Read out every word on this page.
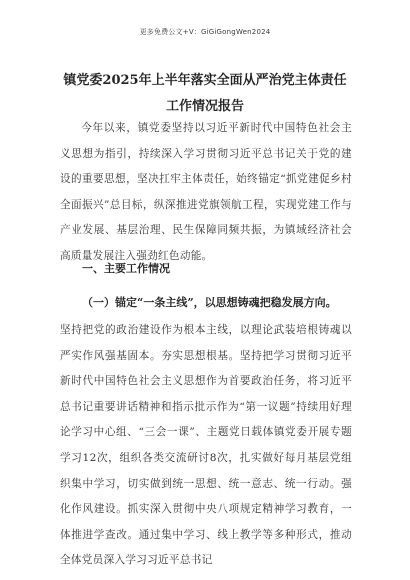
更多免费公文+V：GiGiGongWen2024
镇党委2025年上半年落实全面从严治党主体责任工作情况报告
今年以来，镇党委坚持以习近平新时代中国特色社会主义思想为指引，持续深入学习贯彻习近平总书记关于党的建设的重要思想，坚决扛牢主体责任，始终锚定“抓党建促乡村全面振兴”总目标，纵深推进党旗领航工程，实现党建工作与产业发展、基层治理、民生保障同频共振，为镇域经济社会高质量发展注入强劲红色动能。
一、主要工作情况
（一）锚定“一条主线”，以思想铸魂把稳发展方向。
坚持把党的政治建设作为根本主线，以理论武装培根铸魂以严实作风强基固本。夯实思想根基。坚持把学习贯彻习近平新时代中国特色社会主义思想作为首要政治任务，将习近平总书记重要讲话精神和指示批示作为“第一议题”持续用好理论学习中心组、“三会一课”、主题党日载体镇党委开展专题学习12次，组织各类交流研讨8次，扎实做好每月基层党组织集中学习，切实做到统一思想、统一意志、统一行动。强化作风建设。抓实深入贯彻中央八项规定精神学习教育，一体推进学查改。通过集中学习、线上教学等多种形式，推动全体党员深入学习习近平总书记
